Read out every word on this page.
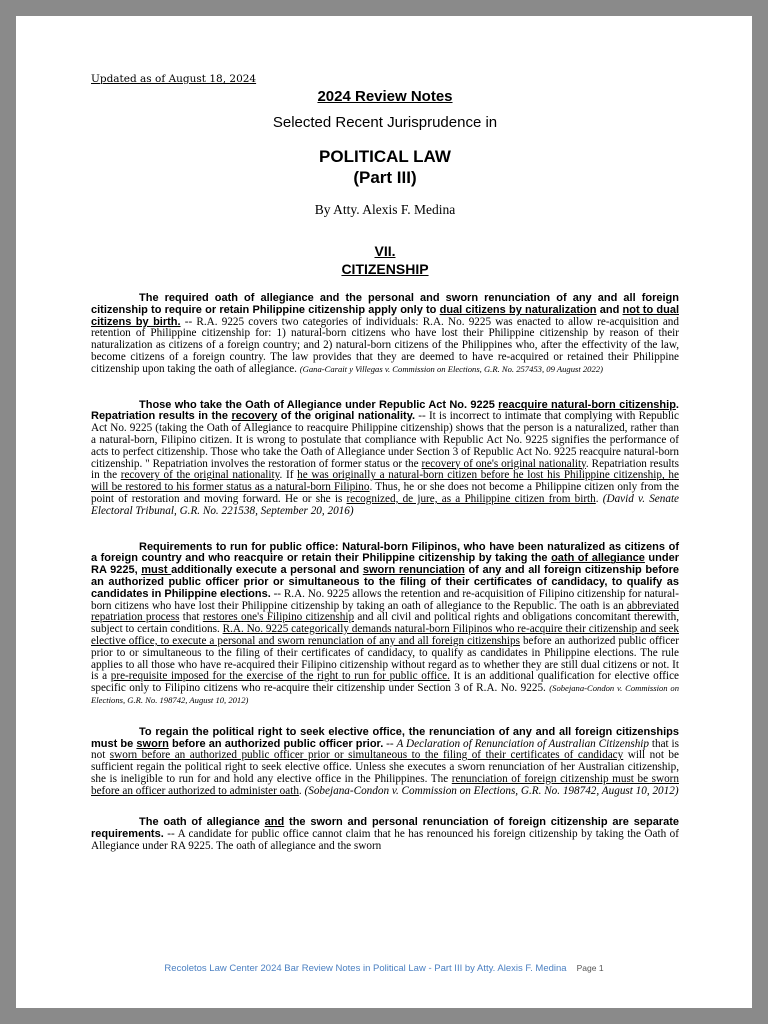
Updated as of August 18, 2024
2024 Review Notes
Selected Recent Jurisprudence in
POLITICAL LAW
(Part III)
By Atty. Alexis F. Medina
VII.
CITIZENSHIP

The required oath of allegiance and the personal and sworn renunciation of any and all foreign citizenship to require or retain Philippine citizenship apply only to dual citizens by naturalization and not to dual citizens by birth. -- R.A. 9225 covers two categories of individuals: R.A. No. 9225 was enacted to allow re-acquisition and retention of Philippine citizenship for: 1) natural-born citizens who have lost their Philippine citizenship by reason of their naturalization as citizens of a foreign country; and 2) natural-born citizens of the Philippines who, after the effectivity of the law, become citizens of a foreign country. The law provides that they are deemed to have re-acquired or retained their Philippine citizenship upon taking the oath of allegiance. (Gana-Carait y Villegas v. Commission on Elections, G.R. No. 257453, 09 August 2022)

Those who take the Oath of Allegiance under Republic Act No. 9225 reacquire natural-born citizenship. Repatriation results in the recovery of the original nationality. -- It is incorrect to intimate that complying with Republic Act No. 9225 (taking the Oath of Allegiance to reacquire Philippine citizenship) shows that the person is a naturalized, rather than a natural-born, Filipino citizen. It is wrong to postulate that compliance with Republic Act No. 9225 signifies the performance of acts to perfect citizenship. Those who take the Oath of Allegiance under Section 3 of Republic Act No. 9225 reacquire natural-born citizenship. " Repatriation involves the restoration of former status or the recovery of one's original nationality. Repatriation results in the recovery of the original nationality. If he was originally a natural-born citizen before he lost his Philippine citizenship, he will be restored to his former status as a natural-born Filipino. Thus, he or she does not become a Philippine citizen only from the point of restoration and moving forward. He or she is recognized, de jure, as a Philippine citizen from birth. (David v. Senate Electoral Tribunal, G.R. No. 221538, September 20, 2016)

Requirements to run for public office: Natural-born Filipinos, who have been naturalized as citizens of a foreign country and who reacquire or retain their Philippine citizenship by taking the oath of allegiance under RA 9225, must additionally execute a personal and sworn renunciation of any and all foreign citizenship before an authorized public officer prior or simultaneous to the filing of their certificates of candidacy, to qualify as candidates in Philippine elections. -- R.A. No. 9225 allows the retention and re-acquisition of Filipino citizenship for natural-born citizens who have lost their Philippine citizenship by taking an oath of allegiance to the Republic. The oath is an abbreviated repatriation process that restores one's Filipino citizenship and all civil and political rights and obligations concomitant therewith, subject to certain conditions. R.A. No. 9225 categorically demands natural-born Filipinos who re-acquire their citizenship and seek elective office, to execute a personal and sworn renunciation of any and all foreign citizenships before an authorized public officer prior to or simultaneous to the filing of their certificates of candidacy, to qualify as candidates in Philippine elections. The rule applies to all those who have re-acquired their Filipino citizenship without regard as to whether they are still dual citizens or not. It is a pre-requisite imposed for the exercise of the right to run for public office. It is an additional qualification for elective office specific only to Filipino citizens who re-acquire their citizenship under Section 3 of R.A. No. 9225. (Sobejana-Condon v. Commission on Elections, G.R. No. 198742, August 10, 2012)

To regain the political right to seek elective office, the renunciation of any and all foreign citizenships must be sworn before an authorized public officer prior. -- A Declaration of Renunciation of Australian Citizenship that is not sworn before an authorized public officer prior or simultaneous to the filing of their certificates of candidacy will not be sufficient regain the political right to seek elective office. Unless she executes a sworn renunciation of her Australian citizenship, she is ineligible to run for and hold any elective office in the Philippines. The renunciation of foreign citizenship must be sworn before an officer authorized to administer oath. (Sobejana-Condon v. Commission on Elections, G.R. No. 198742, August 10, 2012)

The oath of allegiance and the sworn and personal renunciation of foreign citizenship are separate requirements. -- A candidate for public office cannot claim that he has renounced his foreign citizenship by taking the Oath of Allegiance under RA 9225. The oath of allegiance and the sworn

Recoletos Law Center 2024 Bar Review Notes in Political Law - Part III by Atty. Alexis F. Medina Page 1
